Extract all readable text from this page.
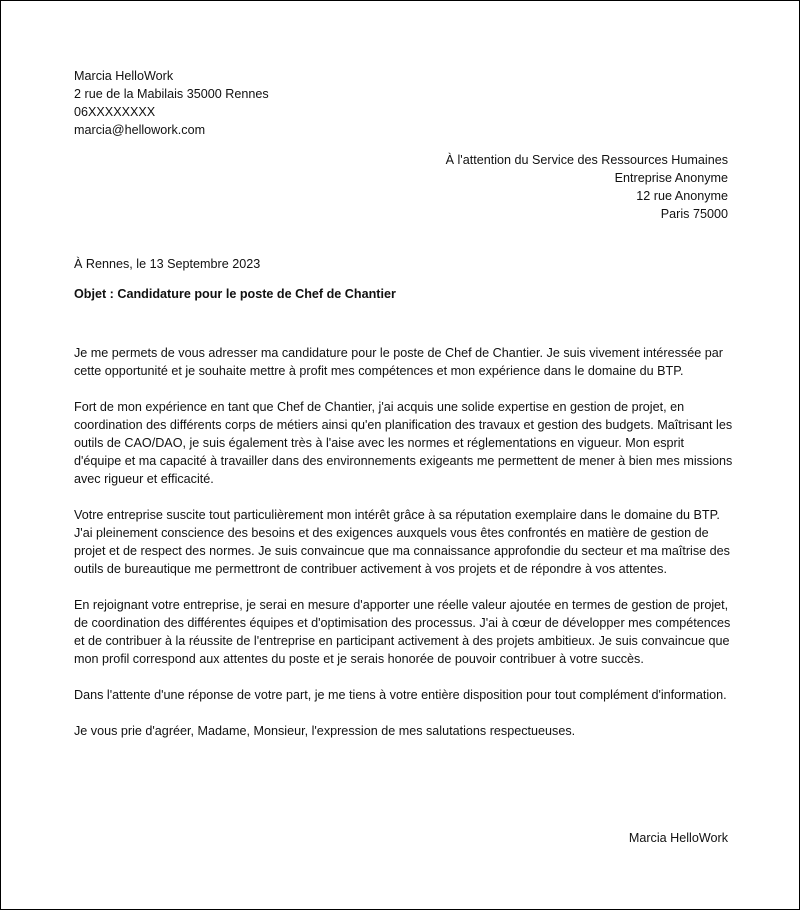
Marcia HelloWork
2 rue de la Mabilais 35000 Rennes
06XXXXXXXX
marcia@hellowork.com
À l'attention du Service des Ressources Humaines
Entreprise Anonyme
12 rue Anonyme
Paris 75000
À Rennes, le 13 Septembre 2023
Objet : Candidature pour le poste de Chef de Chantier

Je me permets de vous adresser ma candidature pour le poste de Chef de Chantier. Je suis vivement intéressée par cette opportunité et je souhaite mettre à profit mes compétences et mon expérience dans le domaine du BTP.

Fort de mon expérience en tant que Chef de Chantier, j'ai acquis une solide expertise en gestion de projet, en coordination des différents corps de métiers ainsi qu'en planification des travaux et gestion des budgets. Maîtrisant les outils de CAO/DAO, je suis également très à l'aise avec les normes et réglementations en vigueur. Mon esprit d'équipe et ma capacité à travailler dans des environnements exigeants me permettent de mener à bien mes missions avec rigueur et efficacité.

Votre entreprise suscite tout particulièrement mon intérêt grâce à sa réputation exemplaire dans le domaine du BTP. J'ai pleinement conscience des besoins et des exigences auxquels vous êtes confrontés en matière de gestion de projet et de respect des normes. Je suis convaincue que ma connaissance approfondie du secteur et ma maîtrise des outils de bureautique me permettront de contribuer activement à vos projets et de répondre à vos attentes.

En rejoignant votre entreprise, je serai en mesure d'apporter une réelle valeur ajoutée en termes de gestion de projet, de coordination des différentes équipes et d'optimisation des processus. J'ai à cœur de développer mes compétences et de contribuer à la réussite de l'entreprise en participant activement à des projets ambitieux. Je suis convaincue que mon profil correspond aux attentes du poste et je serais honorée de pouvoir contribuer à votre succès.

Dans l'attente d'une réponse de votre part, je me tiens à votre entière disposition pour tout complément d'information.

Je vous prie d'agréer, Madame, Monsieur, l'expression de mes salutations respectueuses.

Marcia HelloWork
